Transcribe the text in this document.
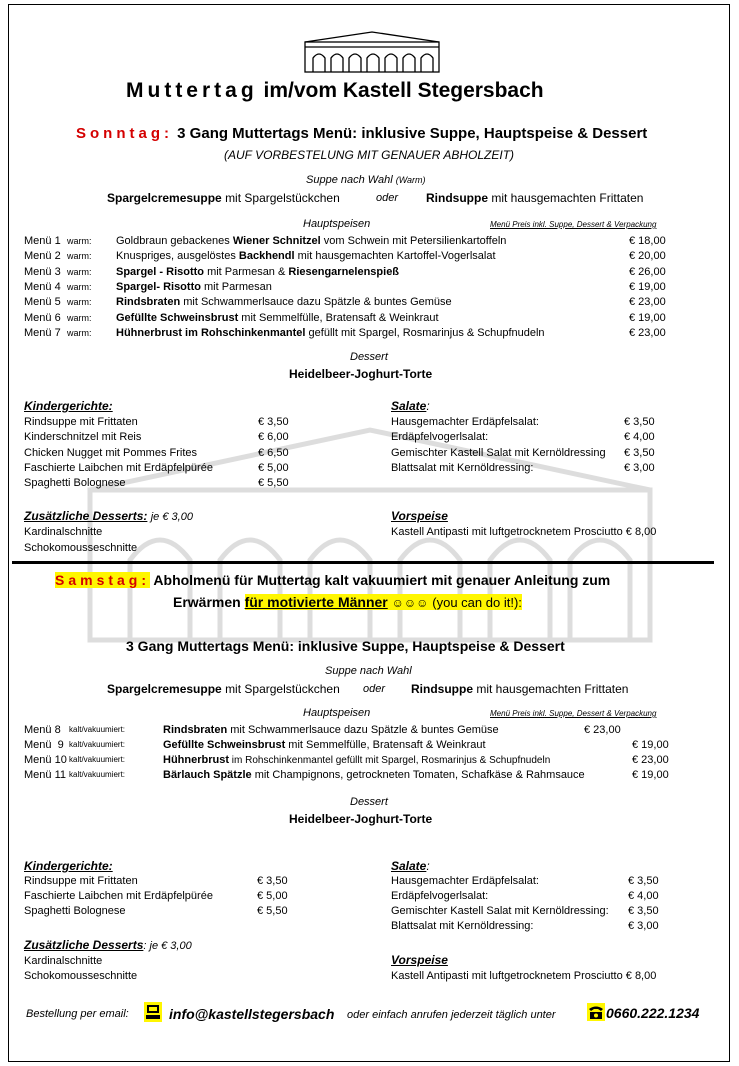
Muttertag im/vom Kastell Stegersbach
Sonntag: 3 Gang Muttertags Menü: inklusive Suppe, Hauptspeise & Dessert
(AUF VORBESTELUNG MIT GENAUER ABHOLZEIT)
Suppe nach Wahl (Warm)
Spargelcremesuppe mit Spargelstückchen	oder Rindsuppe mit hausgemachten Frittaten
Hauptspeisen	Menü Preis inkl. Suppe, Dessert & Verpackung
Menü 1 warm: Goldbraun gebackenes Wiener Schnitzel vom Schwein mit Petersilienkartoffeln	€ 18,00
Menü 2 warm: Knuspriges, ausgelöstes Backhendl mit hausgemachten Kartoffel-Vogerlsalat	€ 20,00
Menü 3 warm: Spargel - Risotto mit Parmesan & Riesengarnelenspieß	€ 26,00
Menü 4 warm: Spargel- Risotto mit Parmesan	€ 19,00
Menü 5 warm: Rindsbraten mit Schwammerlsauce dazu Spätzle & buntes Gemüse	€ 23,00
Menü 6 warm: Gefüllte Schweinsbrust mit Semmelfülle, Bratensaft & Weinkraut	€ 19,00
Menü 7 warm: Hühnerbrust im Rohschinkenmantel gefüllt mit Spargel, Rosmarinjus & Schupfnudeln	€ 23,00
Dessert
Heidelbeer-Joghurt-Torte
Kindergerichte:
Rindsuppe mit Frittaten	€ 3,50
Kinderschnitzel mit Reis	€ 6,00
Chicken Nugget mit Pommes Frites	€ 6,50
Faschierte Laibchen mit Erdäpfelpürée	€ 5,00
Spaghetti Bolognese	€ 5,50
Salate:
Hausgemachter Erdäpfelsalat:	€ 3,50
Erdäpfelvogerlsalat:	€ 4,00
Gemischter Kastell Salat mit Kernöldressing € 3,50
Blattsalat mit Kernöldressing:	€ 3,00
Zusätzliche Desserts: je € 3,00
Kardinalschnitte
Schokomousseschnitte
Vorspeise
Kastell Antipasti mit luftgetrocknetem Prosciutto € 8,00
Samstag: Abholmenü für Muttertag kalt vakuumiert mit genauer Anleitung zum
Erwärmen für motivierte Männer ☺☺☺ (you can do it!):
3 Gang Muttertags Menü: inklusive Suppe, Hauptspeise & Dessert
Suppe nach Wahl
Spargelcremesuppe mit Spargelstückchen oder Rindsuppe mit hausgemachten Frittaten
Hauptspeisen	Menü Preis inkl. Suppe, Dessert & Verpackung
Menü 8 kalt/vakuumiert:	Rindsbraten mit Schwammerlsauce dazu Spätzle & buntes Gemüse	€ 23,00
Menü  9 kalt/vakuumiert:	Gefüllte Schweinsbrust mit Semmelfülle, Bratensaft & Weinkraut	€ 19,00
Menü 10 kalt/vakuumiert:	Hühnerbrust im Rohschinkenmantel gefüllt mit Spargel, Rosmarinjus & Schupfnudeln	€ 23,00
Menü 11 kalt/vakuumiert:	Bärlauch Spätzle mit Champignons, getrockneten Tomaten, Schafkäse & Rahmsauce	€ 19,00
Dessert
Heidelbeer-Joghurt-Torte
Kindergerichte:
Rindsuppe mit Frittaten	€ 3,50
Faschierte Laibchen mit Erdäpfelpürée	€ 5,00
Spaghetti Bolognese	€ 5,50
Salate:
Hausgemachter Erdäpfelsalat:	€ 3,50
Erdäpfelvogerlsalat:	€ 4,00
Gemischter Kastell Salat mit Kernöldressing: € 3,50
Blattsalat mit Kernöldressing:	€ 3,00
Zusätzliche Desserts: je € 3,00
Kardinalschnitte
Schokomousseschnitte
Vorspeise
Kastell Antipasti mit luftgetrocknetem Prosciutto € 8,00
Bestellung per email:	info@kastellstegersbach oder einfach anrufen jederzeit täglich unter	0660.222.1234
